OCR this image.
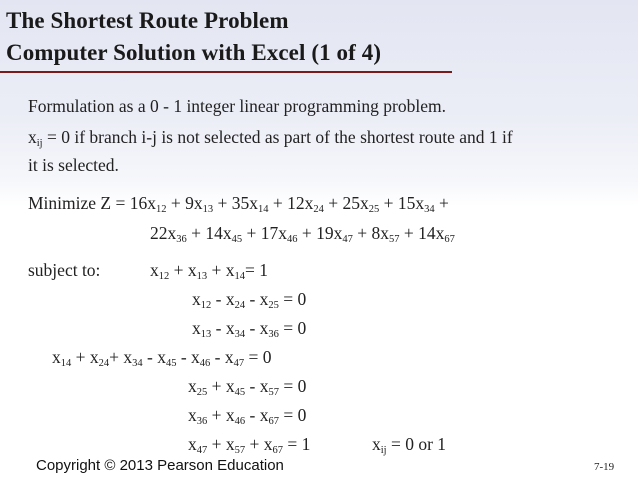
The Shortest Route Problem
Computer Solution with Excel (1 of 4)
Formulation as a 0 - 1 integer linear programming problem.
$x_{ij} = 0$ if branch i-j is not selected as part of the shortest route and 1 if
it is selected.
Minimize $Z = 16x_{12} + 9x_{13} + 35x_{14} + 12x_{24} + 25x_{25} + 15x_{34}$ +
$22x_{36} + 14x_{45} + 17x_{46} + 19x_{47} + 8x_{57} + 14x_{67}$
subject to:	$x_{12} + x_{13} + x_{14}= 1$
$x_{12} - x_{24} - x_{25} = 0$
$x_{13} - x_{34} - x_{36} = 0$
$x_{14} + x_{24}+ x_{34} - x_{45} - x_{46} - x_{47} = 0$
$x_{25} + x_{45} - x_{57} = 0$
$x_{36} + x_{46} - x_{67} = 0$
$x_{47} + x_{57} + x_{67} = 1$	$x_{ij} = 0$ or 1
Copyright © 2013 Pearson Education	7-19
